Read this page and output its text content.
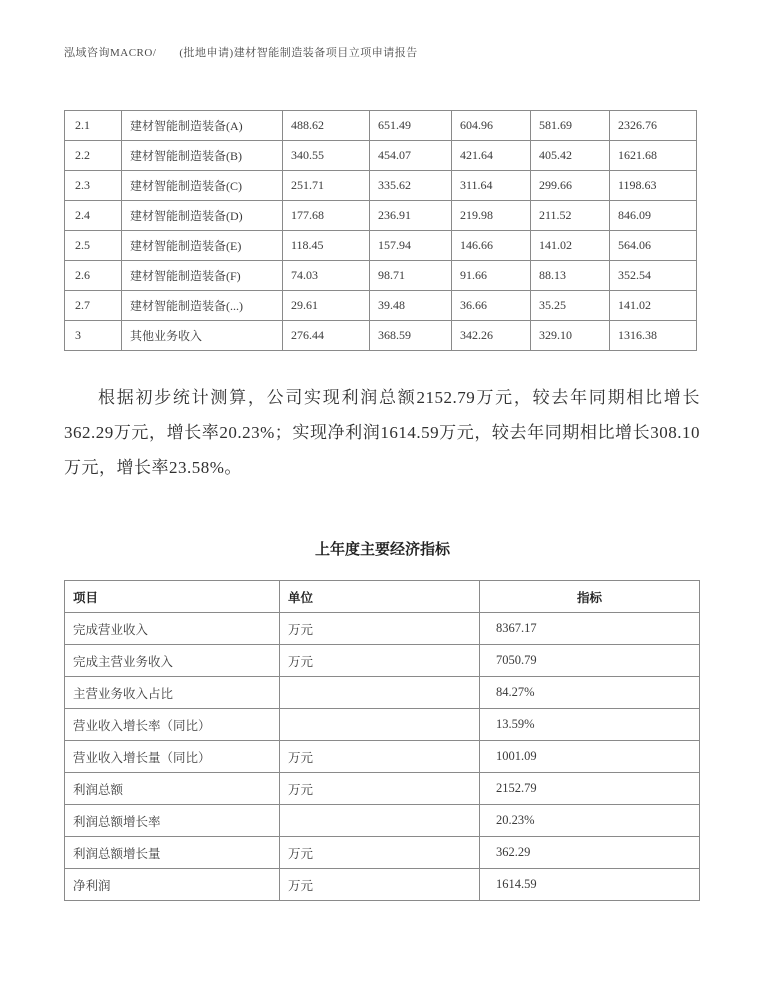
泓域咨询MACRO/　　(批地申请)建材智能制造装备项目立项申请报告
2.1	建材智能制造装备(A)	488.62	651.49	604.96	581.69	2326.76
2.2	建材智能制造装备(B)	340.55	454.07	421.64	405.42	1621.68
2.3	建材智能制造装备(C)	251.71	335.62	311.64	299.66	1198.63
2.4	建材智能制造装备(D)	177.68	236.91	219.98	211.52	846.09
2.5	建材智能制造装备(E)	118.45	157.94	146.66	141.02	564.06
2.6	建材智能制造装备(F)	74.03	98.71	91.66	88.13	352.54
2.7	建材智能制造装备(...)	29.61	39.48	36.66	35.25	141.02
3	其他业务收入	276.44	368.59	342.26	329.10	1316.38
根据初步统计测算，公司实现利润总额2152.79万元，较去年同期相比增长362.29万元，增长率20.23%；实现净利润1614.59万元，较去年同期相比增长308.10万元，增长率23.58%。
上年度主要经济指标
项目	单位	指标
完成营业收入	万元	8367.17
完成主营业务收入	万元	7050.79
主营业务收入占比		84.27%
营业收入增长率（同比）		13.59%
营业收入增长量（同比）	万元	1001.09
利润总额	万元	2152.79
利润总额增长率		20.23%
利润总额增长量	万元	362.29
净利润	万元	1614.59
